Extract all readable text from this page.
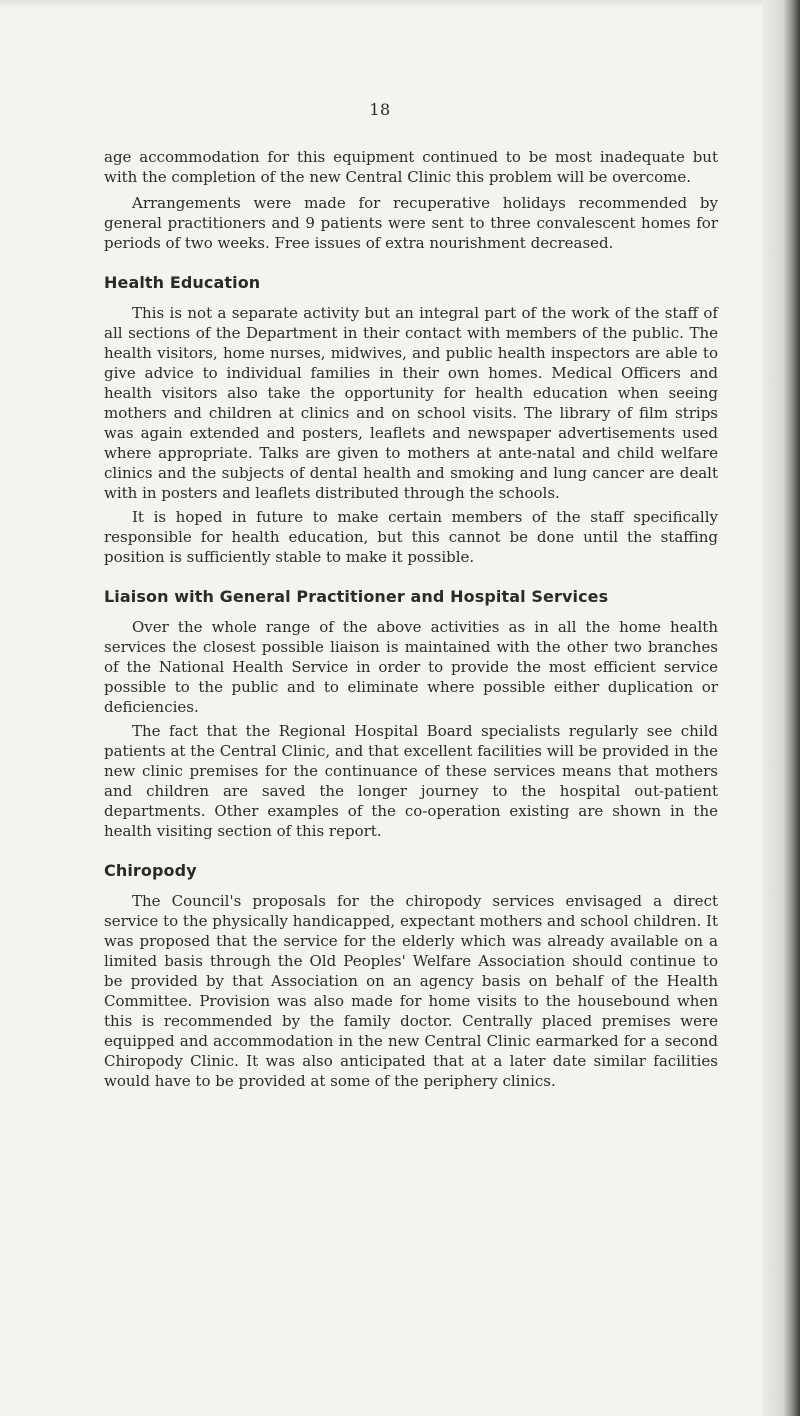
18

age accommodation for this equipment continued to be most inadequate but with the completion of the new Central Clinic this problem will be overcome.

Arrangements were made for recuperative holidays recommended by general practitioners and 9 patients were sent to three convalescent homes for periods of two weeks. Free issues of extra nourishment decreased.

Health Education

This is not a separate activity but an integral part of the work of the staff of all sections of the Department in their contact with members of the public. The health visitors, home nurses, midwives, and public health inspectors are able to give advice to individual families in their own homes. Medical Officers and health visitors also take the opportunity for health education when seeing mothers and children at clinics and on school visits. The library of film strips was again extended and posters, leaflets and newspaper advertisements used where appropriate. Talks are given to mothers at ante-natal and child welfare clinics and the subjects of dental health and smoking and lung cancer are dealt with in posters and leaflets distributed through the schools.

It is hoped in future to make certain members of the staff specifically responsible for health education, but this cannot be done until the staffing position is sufficiently stable to make it possible.

Liaison with General Practitioner and Hospital Services

Over the whole range of the above activities as in all the home health services the closest possible liaison is maintained with the other two branches of the National Health Service in order to provide the most efficient service possible to the public and to eliminate where possible either duplication or deficiencies.

The fact that the Regional Hospital Board specialists regularly see child patients at the Central Clinic, and that excellent facilities will be provided in the new clinic premises for the continuance of these services means that mothers and children are saved the longer journey to the hospital out-patient departments. Other examples of the co-operation existing are shown in the health visiting section of this report.

Chiropody

The Council's proposals for the chiropody services envisaged a direct service to the physically handicapped, expectant mothers and school children. It was proposed that the service for the elderly which was already available on a limited basis through the Old Peoples' Welfare Association should continue to be provided by that Association on an agency basis on behalf of the Health Committee. Provision was also made for home visits to the housebound when this is recommended by the family doctor. Centrally placed premises were equipped and accommodation in the new Central Clinic earmarked for a second Chiropody Clinic. It was also anticipated that at a later date similar facilities would have to be provided at some of the periphery clinics.
